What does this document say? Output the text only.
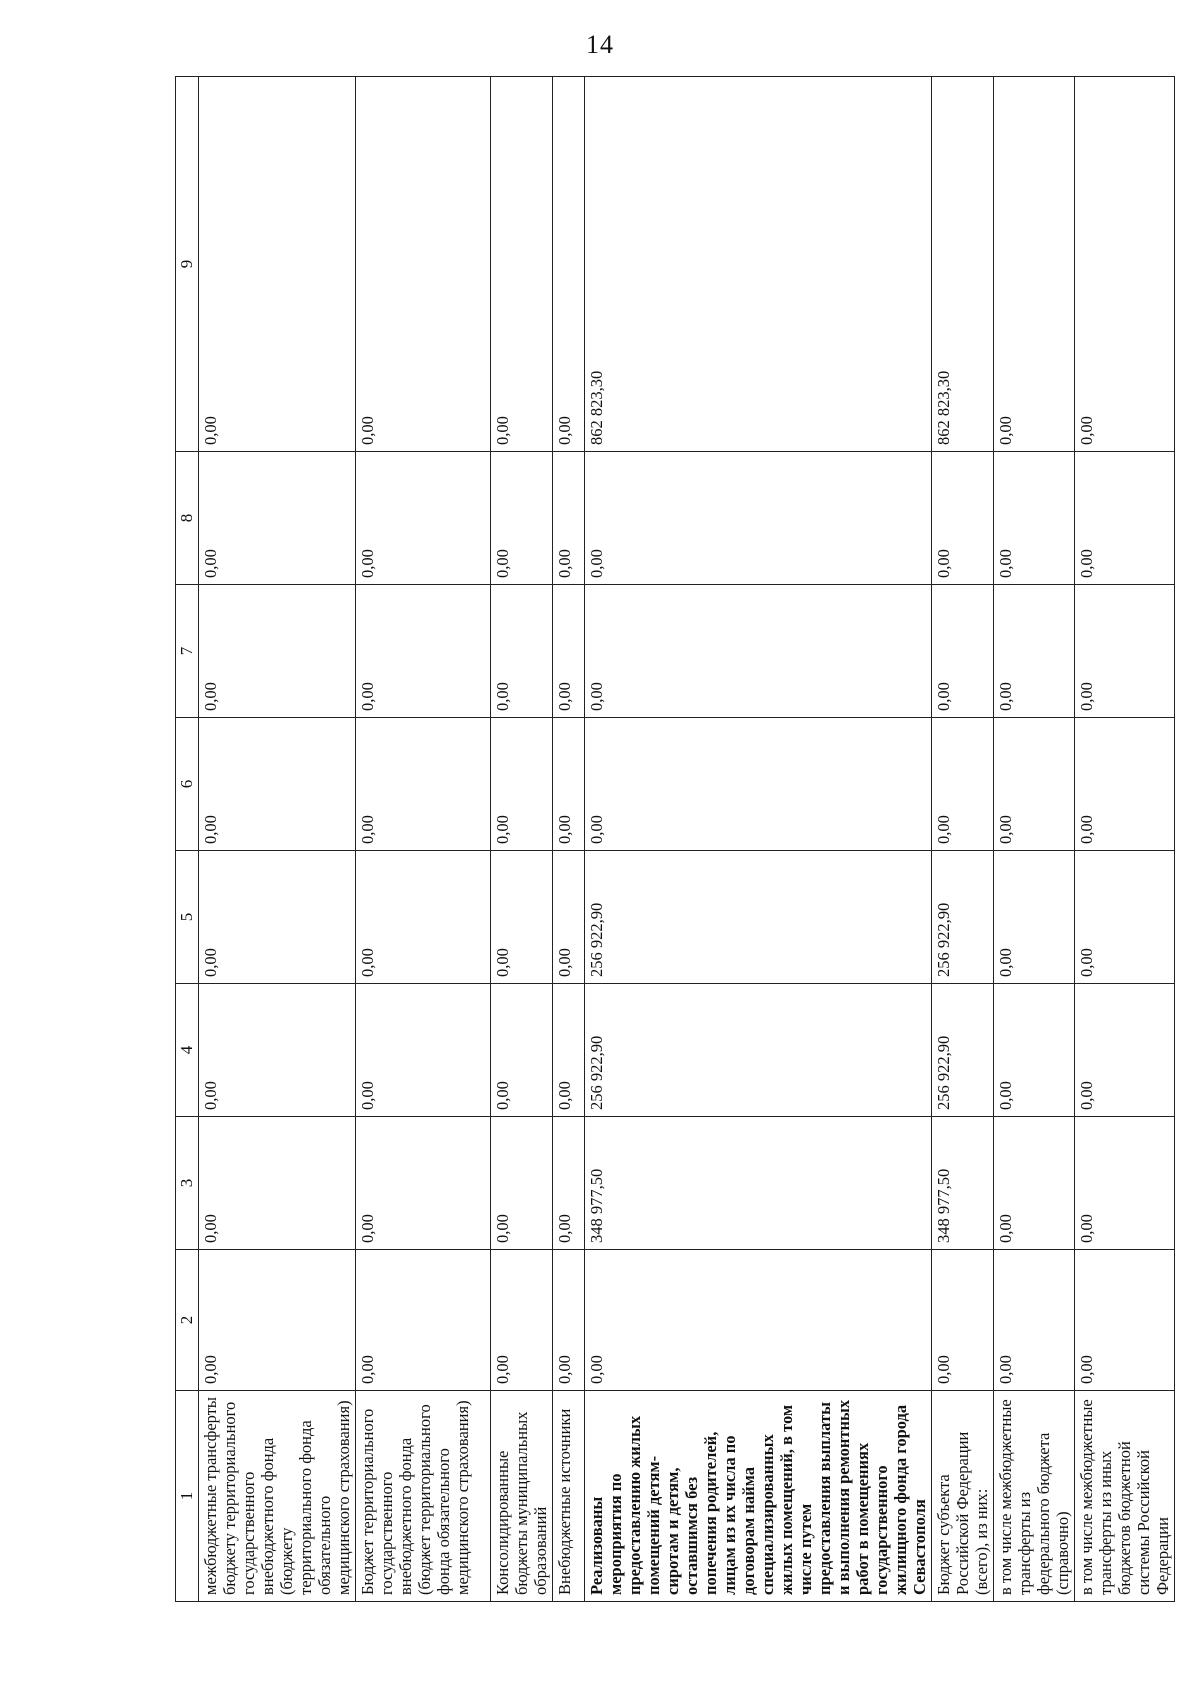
14
1	2	3	4	5	6	7	8	9
межбюджетные трансферты бюджету территориального государственного внебюджетного фонда (бюджету территориального фонда обязательного медицинского страхования)	0,00	0,00	0,00	0,00	0,00	0,00	0,00	0,00
Бюджет территориального государственного внебюджетного фонда (бюджет территориального фонда обязательного медицинского страхования)	0,00	0,00	0,00	0,00	0,00	0,00	0,00	0,00
Консолидированные бюджеты муниципальных образований	0,00	0,00	0,00	0,00	0,00	0,00	0,00	0,00
Внебюджетные источники	0,00	0,00	0,00	0,00	0,00	0,00	0,00	0,00
Реализованы мероприятия по предоставлению жилых помещений детям-сиротам и детям, оставшимся без попечения родителей, лицам из их числа по договорам найма специализированных жилых помещений, в том числе путем предоставления выплаты и выполнения ремонтных работ в помещениях государственного жилищного фонда города Севастополя	0,00	348 977,50	256 922,90	256 922,90	0,00	0,00	0,00	862 823,30
Бюджет субъекта Российской Федерации (всего), из них:	0,00	348 977,50	256 922,90	256 922,90	0,00	0,00	0,00	862 823,30
в том числе межбюджетные трансферты из федерального бюджета (справочно)	0,00	0,00	0,00	0,00	0,00	0,00	0,00	0,00
в том числе межбюджетные трансферты из иных бюджетов бюджетной системы Российской Федерации	0,00	0,00	0,00	0,00	0,00	0,00	0,00	0,00
